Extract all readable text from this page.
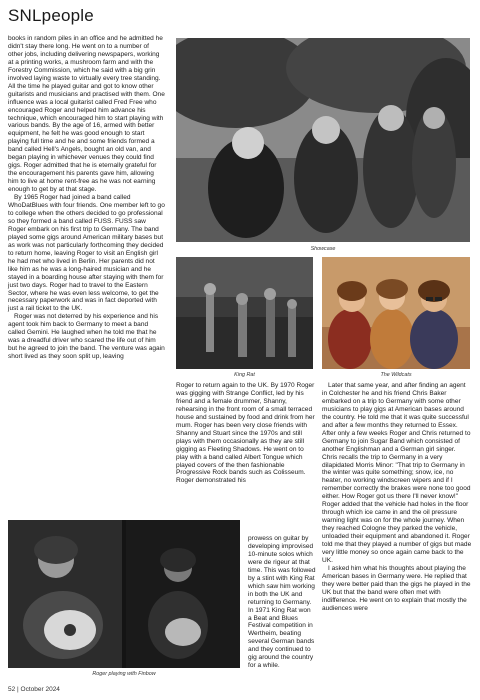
SNLpeople

books in random piles in an office and he admitted he didn't stay there long. He went on to a number of other jobs, including delivering newspapers, working at a printing works, a mushroom farm and with the Forestry Commission, which he said with a big grin involved laying waste to virtually every tree standing. All the time he played guitar and got to know other guitarists and musicians and practised with them. One influence was a local guitarist called Fred Free who encouraged Roger and helped him advance his technique, which encouraged him to start playing with various bands. By the age of 16, armed with better equipment, he felt he was good enough to start playing full time and he and some friends formed a band called Hell's Angels, bought an old van, and began playing in whichever venues they could find gigs. Roger admitted that he is eternally grateful for the encouragement his parents gave him, allowing him to live at home rent-free as he was not earning enough to get by at that stage.

By 1965 Roger had joined a band called WhoDatBlues with four friends. One member left to go to college when the others decided to go professional so they formed a band called FUSS. FUSS saw Roger embark on his first trip to Germany. The band played some gigs around American military bases but as work was not particularly forthcoming they decided to return home, leaving Roger to visit an English girl he had met who lived in Berlin. Her parents did not like him as he was a long-haired musician and he stayed in a boarding house after staying with them for just two days. Roger had to travel to the Eastern Sector, where he was even less welcome, to get the necessary paperwork and was in fact deported with just a rail ticket to the UK.

Roger was not deterred by his experience and his agent took him back to Germany to meet a band called Gemini. He laughed when he told me that he was a dreadful driver who scared the life out of him but he agreed to join the band. The venture was again short lived as they soon split up, leaving

Showcase
King Rat	The Wildcats

Roger to return again to the UK. By 1970 Roger was gigging with Strange Conflict, led by his friend and a female drummer, Shanny, rehearsing in the front room of a small terraced house and sustained by food and drink from her mum. Roger has been very close friends with Shanny and Stuart since the 1970s and still plays with them occasionally as they are still gigging as Fleeting Shadows. He went on to play with a band called Albert Tongue which played covers of the then fashionable Progressive Rock bands such as Colisseum. Roger demonstrated his

prowess on guitar by developing improvised 10-minute solos which were de rigeur at that time. This was followed by a stint with King Rat which saw him working in both the UK and returning to Germany. In 1971 King Rat won a Beat and Blues Festival competition in Wertheim, beating several German bands and they continued to gig around the country for a while.

Later that same year, and after finding an agent in Colchester he and his friend Chris Baker embarked on a trip to Germany with some other musicians to play gigs at American bases around the country. He told me that it was quite successful and after a few months they returned to Essex. After only a few weeks Roger and Chris returned to Germany to join Sugar Band which consisted of another Englishman and a German girl singer. Chris recalls the trip to Germany in a very dilapidated Morris Minor: "That trip to Germany in the winter was quite something; snow, ice, no heater, no working windscreen wipers and if I remember correctly the brakes were none too good either. How Roger got us there I'll never know!" Roger added that the vehicle had holes in the floor through which ice came in and the oil pressure warning light was on for the whole journey. When they reached Cologne they parked the vehicle, unloaded their equipment and abandoned it. Roger told me that they played a number of gigs but made very little money so once again came back to the UK.

I asked him what his thoughts about playing the American bases in Germany were. He replied that they were better paid than the gigs he played in the UK but that the band were often met with indifference. He went on to explain that mostly the audiences were

Roger playing with Finbow
52 | October 2024
